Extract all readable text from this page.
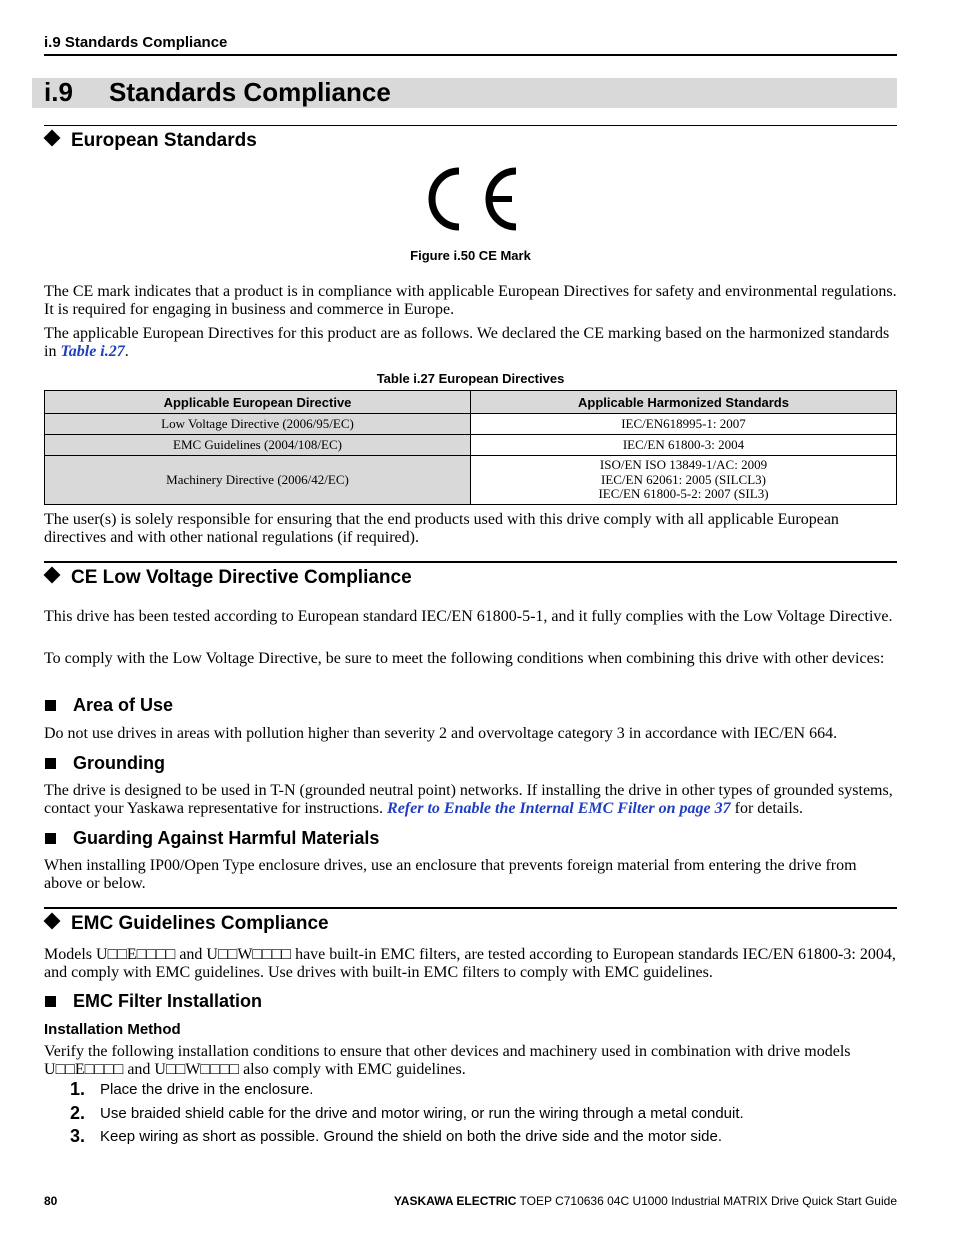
i.9 Standards Compliance
i.9 Standards Compliance
European Standards
Figure i.50 CE Mark
The CE mark indicates that a product is in compliance with applicable European Directives for safety and environmental regulations. It is required for engaging in business and commerce in Europe.
The applicable European Directives for this product are as follows. We declared the CE marking based on the harmonized standards in Table i.27.
Table i.27 European Directives
Applicable European Directive	Applicable Harmonized Standards
Low Voltage Directive (2006/95/EC)	IEC/EN618995-1: 2007
EMC Guidelines (2004/108/EC)	IEC/EN 61800-3: 2004
Machinery Directive (2006/42/EC)	ISO/EN ISO 13849-1/AC: 2009
IEC/EN 62061: 2005 (SILCL3)
IEC/EN 61800-5-2: 2007 (SIL3)
The user(s) is solely responsible for ensuring that the end products used with this drive comply with all applicable European directives and with other national regulations (if required).
CE Low Voltage Directive Compliance
This drive has been tested according to European standard IEC/EN 61800-5-1, and it fully complies with the Low Voltage Directive.
To comply with the Low Voltage Directive, be sure to meet the following conditions when combining this drive with other devices:
Area of Use
Do not use drives in areas with pollution higher than severity 2 and overvoltage category 3 in accordance with IEC/EN 664.
Grounding
The drive is designed to be used in T-N (grounded neutral point) networks. If installing the drive in other types of grounded systems, contact your Yaskawa representative for instructions. Refer to Enable the Internal EMC Filter on page 37 for details.
Guarding Against Harmful Materials
When installing IP00/Open Type enclosure drives, use an enclosure that prevents foreign material from entering the drive from above or below.
EMC Guidelines Compliance
Models U□□E□□□□ and U□□W□□□□ have built-in EMC filters, are tested according to European standards IEC/EN 61800-3: 2004, and comply with EMC guidelines. Use drives with built-in EMC filters to comply with EMC guidelines.
EMC Filter Installation
Installation Method
Verify the following installation conditions to ensure that other devices and machinery used in combination with drive models U□□E□□□□ and U□□W□□□□ also comply with EMC guidelines.
1. Place the drive in the enclosure.
2. Use braided shield cable for the drive and motor wiring, or run the wiring through a metal conduit.
3. Keep wiring as short as possible. Ground the shield on both the drive side and the motor side.
80	YASKAWA ELECTRIC TOEP C710636 04C U1000 Industrial MATRIX Drive Quick Start Guide
